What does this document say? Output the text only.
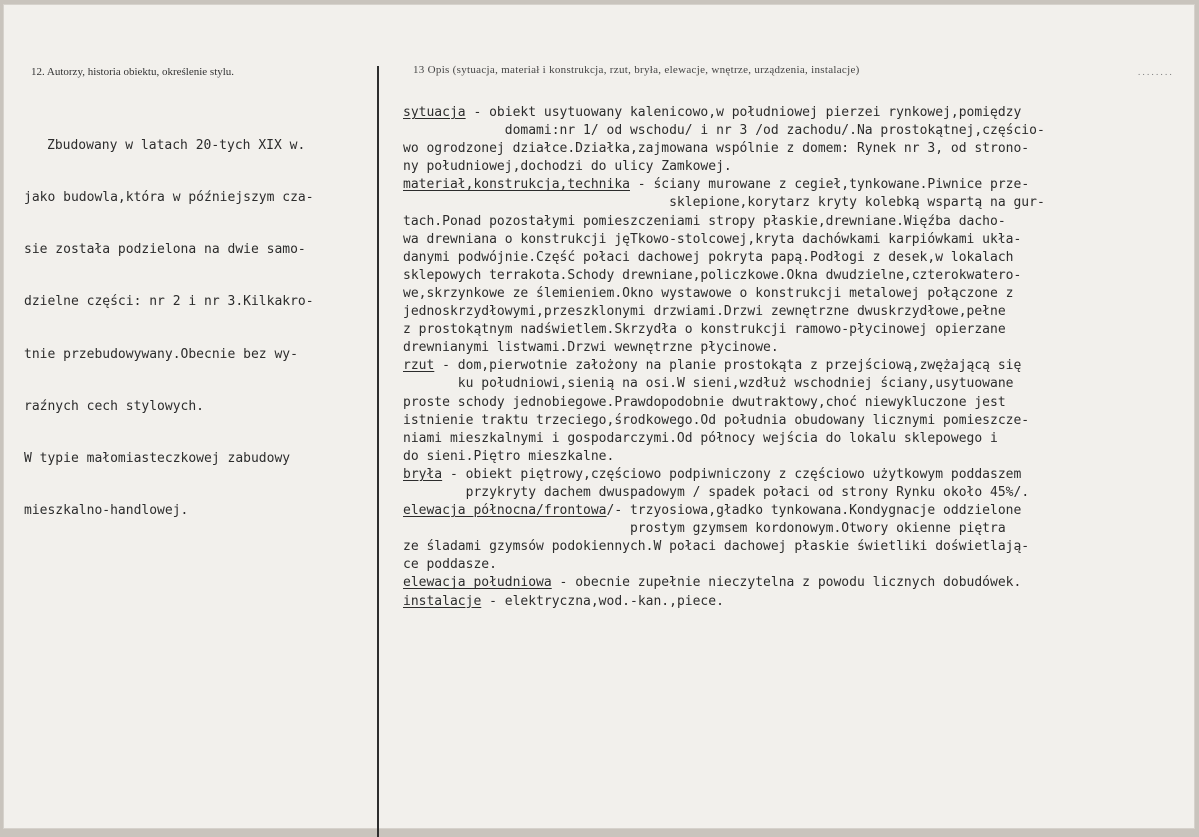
12. Autorzy, historia obiektu, określenie stylu.	13 Opis (sytuacja, materiał i konstrukcja, rzut, bryła, elewacje, wnętrze, urządzenia, instalacje)	. . . . . . . .

Zbudowany w latach 20-tych XIX w.

jako budowla,która w późniejszym cza-

sie została podzielona na dwie samo-

dzielne części: nr 2 i nr 3.Kilkakro-

tnie przebudowywany.Obecnie bez wy-

raźnych cech stylowych.

W typie małomiasteczkowej zabudowy

mieszkalno-handlowej.

sytuacja - obiekt usytuowany kalenicowo,w południowej pierzei rynkowej,pomiędzy
domami:nr 1/ od wschodu/ i nr 3 /od zachodu/.Na prostokątnej,częścio-
wo ogrodzonej działce.Działka,zajmowana wspólnie z domem: Rynek nr 3, od strono-
ny południowej,dochodzi do ulicy Zamkowej.
materiał,konstrukcja,technika - ściany murowane z cegieł,tynkowane.Piwnice prze-
sklepione,korytarz kryty kolebką wspartą na gur-
tach.Ponad pozostałymi pomieszczeniami stropy płaskie,drewniane.Więźba dacho-
wa drewniana o konstrukcji jęTkowo-stolcowej,kryta dachówkami karpiówkami ukła-
danymi podwójnie.Część połaci dachowej pokryta papą.Podłogi z desek,w lokalach
sklepowych terrakota.Schody drewniane,policzkowe.Okna dwudzielne,czterokwatero-
we,skrzynkowe ze ślemieniem.Okno wystawowe o konstrukcji metalowej połączone z
jednoskrzydłowymi,przeszklonymi drzwiami.Drzwi zewnętrzne dwuskrzydłowe,pełne
z prostokątnym nadświetlem.Skrzydła o konstrukcji ramowo-płycinowej opierzane
drewnianymi listwami.Drzwi wewnętrzne płycinowe.
rzut - dom,pierwotnie założony na planie prostokąta z przejściową,zwężającą się
ku południowi,sienią na osi.W sieni,wzdłuż wschodniej ściany,usytuowane
proste schody jednobiegowe.Prawdopodobnie dwutraktowy,choć niewykluczone jest
istnienie traktu trzeciego,środkowego.Od południa obudowany licznymi pomieszcze-
niami mieszkalnymi i gospodarczymi.Od północy wejścia do lokalu sklepowego i
do sieni.Piętro mieszkalne.
bryła - obiekt piętrowy,częściowo podpiwniczony z częściowo użytkowym poddaszem
przykryty dachem dwuspadowym / spadek połaci od strony Rynku około 45%/.
elewacja północna/frontowa/- trzyosiowa,gładko tynkowana.Kondygnacje oddzielone
prostym gzymsem kordonowym.Otwory okienne piętra
ze śladami gzymsów podokiennych.W połaci dachowej płaskie świetliki doświetlają-
ce poddasze.
elewacja południowa - obecnie zupełnie nieczytelna z powodu licznych dobudówek.
instalacje - elektryczna,wod.-kan.,piece.
